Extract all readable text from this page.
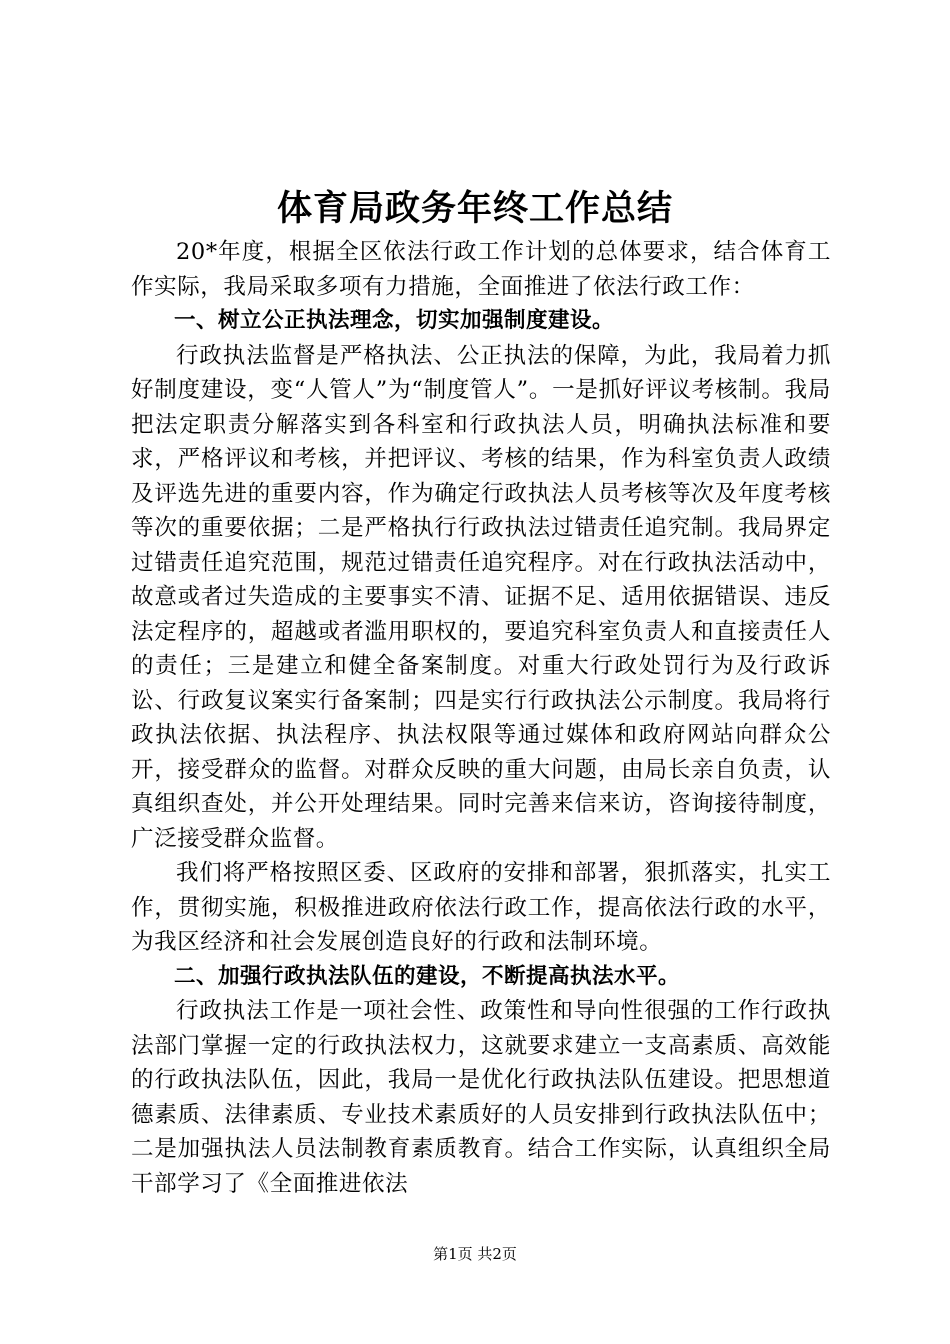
体育局政务年终工作总结

20*年度，根据全区依法行政工作计划的总体要求，结合体育工作实际，我局采取多项有力措施，全面推进了依法行政工作：

一、树立公正执法理念，切实加强制度建设。

行政执法监督是严格执法、公正执法的保障，为此，我局着力抓好制度建设，变“人管人”为“制度管人”。一是抓好评议考核制。我局把法定职责分解落实到各科室和行政执法人员，明确执法标准和要求，严格评议和考核，并把评议、考核的结果，作为科室负责人政绩及评选先进的重要内容，作为确定行政执法人员考核等次及年度考核等次的重要依据；二是严格执行行政执法过错责任追究制。我局界定过错责任追究范围，规范过错责任追究程序。对在行政执法活动中，故意或者过失造成的主要事实不清、证据不足、适用依据错误、违反法定程序的，超越或者滥用职权的，要追究科室负责人和直接责任人的责任；三是建立和健全备案制度。对重大行政处罚行为及行政诉讼、行政复议案实行备案制；四是实行行政执法公示制度。我局将行政执法依据、执法程序、执法权限等通过媒体和政府网站向群众公开，接受群众的监督。对群众反映的重大问题，由局长亲自负责，认真组织查处，并公开处理结果。同时完善来信来访，咨询接待制度，广泛接受群众监督。

我们将严格按照区委、区政府的安排和部署，狠抓落实，扎实工作，贯彻实施，积极推进政府依法行政工作，提高依法行政的水平，为我区经济和社会发展创造良好的行政和法制环境。

二、加强行政执法队伍的建设，不断提高执法水平。

行政执法工作是一项社会性、政策性和导向性很强的工作行政执法部门掌握一定的行政执法权力，这就要求建立一支高素质、高效能的行政执法队伍，因此，我局一是优化行政执法队伍建设。把思想道德素质、法律素质、专业技术素质好的人员安排到行政执法队伍中；二是加强执法人员法制教育素质教育。结合工作实际，认真组织全局干部学习了《全面推进依法

第1页 共2页
